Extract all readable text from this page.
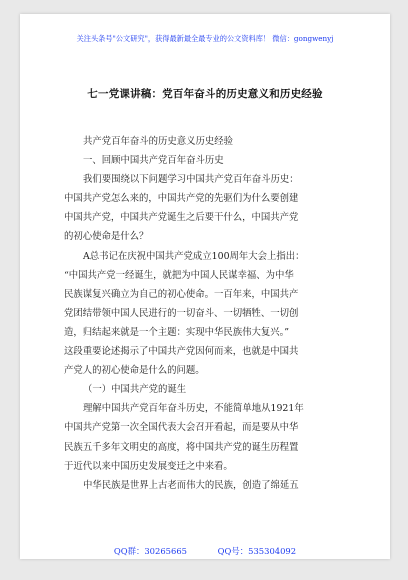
关注头条号"公文研究"，获得最新最全最专业的公文资料库！ 微信：gongwenyj
七一党课讲稿：党百年奋斗的历史意义和历史经验

共产党百年奋斗的历史意义历史经验

一、回顾中国共产党百年奋斗历史

我们要围绕以下问题学习中国共产党百年奋斗历史：
中国共产党怎么来的，中国共产党的先驱们为什么要创建
中国共产党，中国共产党诞生之后要干什么，中国共产党
的初心使命是什么？

A总书记在庆祝中国共产党成立100周年大会上指出：
“中国共产党一经诞生，就把为中国人民谋幸福、为中华
民族谋复兴确立为自己的初心使命。一百年来，中国共产
党团结带领中国人民进行的一切奋斗、一切牺牲、一切创
造，归结起来就是一个主题：实现中华民族伟大复兴。”
这段重要论述揭示了中国共产党因何而来，也就是中国共
产党人的初心使命是什么的问题。

（一）中国共产党的诞生

理解中国共产党百年奋斗历史，不能简单地从1921年
中国共产党第一次全国代表大会召开看起，而是要从中华
民族五千多年文明史的高度，将中国共产党的诞生历程置
于近代以来中国历史发展变迁之中来看。

中华民族是世界上古老而伟大的民族，创造了绵延五

QQ群：30265665	QQ号：535304092
